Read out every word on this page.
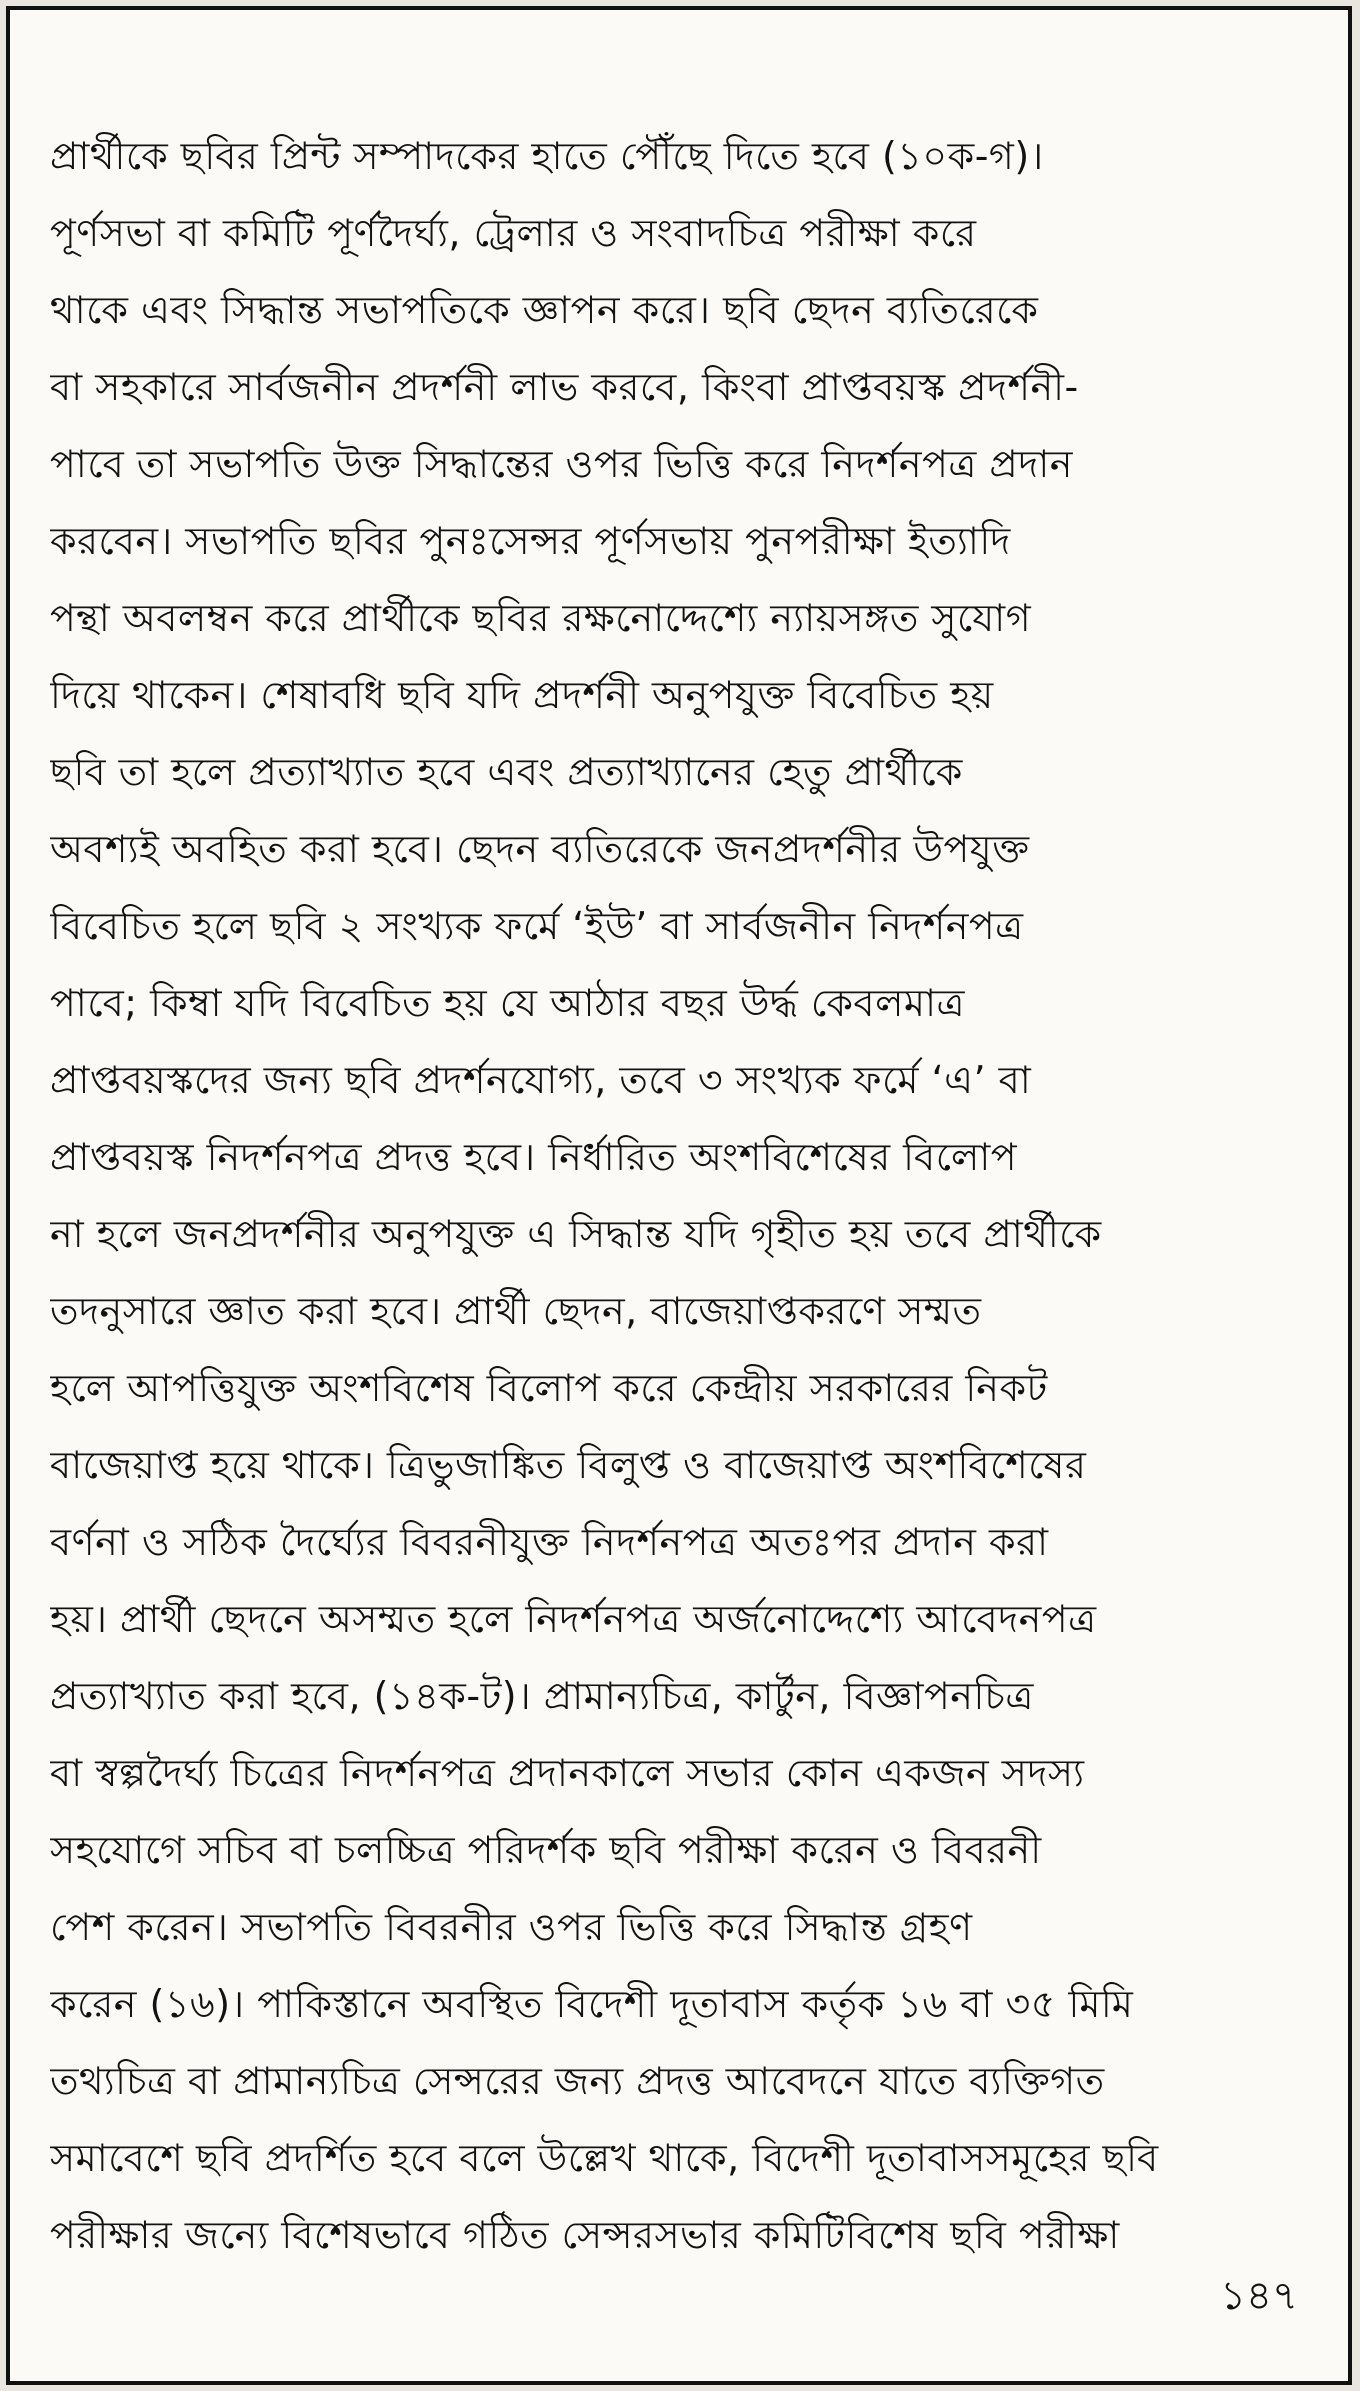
প্রার্থীকে ছবির প্রিন্ট সম্পাদকের হাতে পৌঁছে দিতে হবে (১০ক-গ)।
পূর্ণসভা বা কমিটি পূর্ণদৈর্ঘ্য, ট্রেলার ও সংবাদচিত্র পরীক্ষা করে
থাকে এবং সিদ্ধান্ত সভাপতিকে জ্ঞাপন করে। ছবি ছেদন ব্যতিরেকে
বা সহকারে সার্বজনীন প্রদর্শনী লাভ করবে, কিংবা প্রাপ্তবয়স্ক প্রদর্শনী-
পাবে তা সভাপতি উক্ত সিদ্ধান্তের ওপর ভিত্তি করে নিদর্শনপত্র প্রদান
করবেন। সভাপতি ছবির পুনঃসেন্সর পূর্ণসভায় পুনপরীক্ষা ইত্যাদি
পন্থা অবলম্বন করে প্রার্থীকে ছবির রক্ষনোদ্দেশ্যে ন্যায়সঙ্গত সুযোগ
দিয়ে থাকেন। শেষাবধি ছবি যদি প্রদর্শনী অনুপযুক্ত বিবেচিত হয়
ছবি তা হলে প্রত্যাখ্যাত হবে এবং প্রত্যাখ্যানের হেতু প্রার্থীকে
অবশ্যই অবহিত করা হবে। ছেদন ব্যতিরেকে জনপ্রদর্শনীর উপযুক্ত
বিবেচিত হলে ছবি ২ সংখ্যক ফর্মে ‘ইউ’ বা সার্বজনীন নিদর্শনপত্র
পাবে; কিম্বা যদি বিবেচিত হয় যে আঠার বছর উর্দ্ধ কেবলমাত্র
প্রাপ্তবয়স্কদের জন্য ছবি প্রদর্শনযোগ্য, তবে ৩ সংখ্যক ফর্মে ‘এ’ বা
প্রাপ্তবয়স্ক নিদর্শনপত্র প্রদত্ত হবে। নির্ধারিত অংশবিশেষের বিলোপ
না হলে জনপ্রদর্শনীর অনুপযুক্ত এ সিদ্ধান্ত যদি গৃহীত হয় তবে প্রার্থীকে
তদনুসারে জ্ঞাত করা হবে। প্রার্থী ছেদন, বাজেয়াপ্তকরণে সম্মত
হলে আপত্তিযুক্ত অংশবিশেষ বিলোপ করে কেন্দ্রীয় সরকারের নিকট
বাজেয়াপ্ত হয়ে থাকে। ত্রিভুজাঙ্কিত বিলুপ্ত ও বাজেয়াপ্ত অংশবিশেষের
বর্ণনা ও সঠিক দৈর্ঘ্যের বিবরনীযুক্ত নিদর্শনপত্র অতঃপর প্রদান করা
হয়। প্রার্থী ছেদনে অসম্মত হলে নিদর্শনপত্র অর্জনোদ্দেশ্যে আবেদনপত্র
প্রত্যাখ্যাত করা হবে, (১৪ক-ট)। প্রামান্যচিত্র, কার্টুন, বিজ্ঞাপনচিত্র
বা স্বল্পদৈর্ঘ্য চিত্রের নিদর্শনপত্র প্রদানকালে সভার কোন একজন সদস্য
সহযোগে সচিব বা চলচ্চিত্র পরিদর্শক ছবি পরীক্ষা করেন ও বিবরনী
পেশ করেন। সভাপতি বিবরনীর ওপর ভিত্তি করে সিদ্ধান্ত গ্রহণ
করেন (১৬)। পাকিস্তানে অবস্থিত বিদেশী দূতাবাস কর্তৃক ১৬ বা ৩৫ মিমি
তথ্যচিত্র বা প্রামান্যচিত্র সেন্সরের জন্য প্রদত্ত আবেদনে যাতে ব্যক্তিগত
সমাবেশে ছবি প্রদর্শিত হবে বলে উল্লেখ থাকে, বিদেশী দূতাবাসসমূহের ছবি
পরীক্ষার জন্যে বিশেষভাবে গঠিত সেন্সরসভার কমিটিবিশেষ ছবি পরীক্ষা
১৪৭
